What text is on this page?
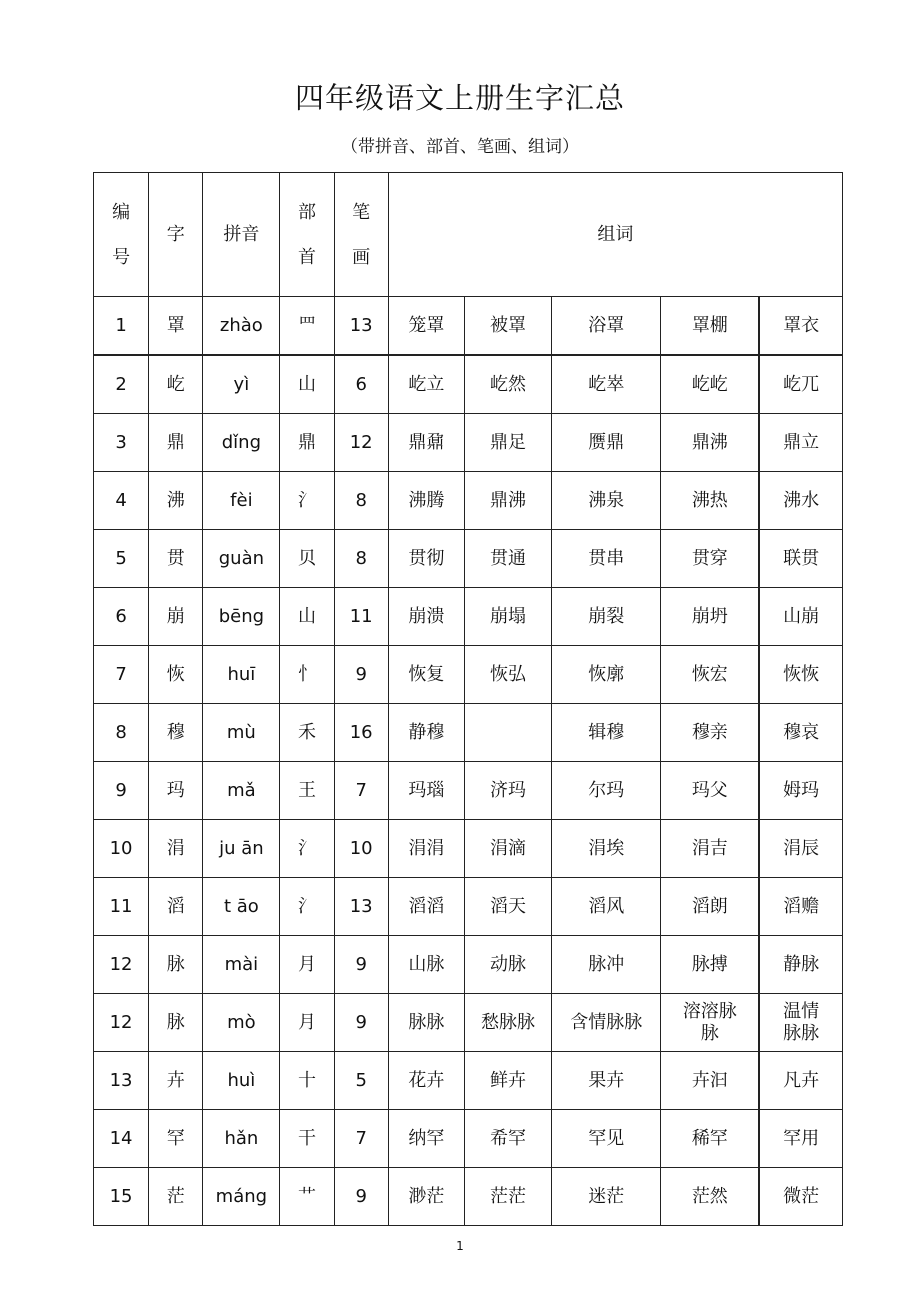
四年级语文上册生字汇总
（带拼音、部首、笔画、组词）
编号	字	拼音	部首	笔画	组词				
1	罩	zhào	罒	13	笼罩	被罩	浴罩	罩棚	罩衣
2	屹	yì	山	6	屹立	屹然	屹崒	屹屹	屹兀
3	鼎	dǐng	鼎	12	鼎鼐	鼎足	赝鼎	鼎沸	鼎立
4	沸	fèi	氵	8	沸腾	鼎沸	沸泉	沸热	沸水
5	贯	guàn	贝	8	贯彻	贯通	贯串	贯穿	联贯
6	崩	bēng	山	11	崩溃	崩塌	崩裂	崩坍	山崩
7	恢	huī	忄	9	恢复	恢弘	恢廓	恢宏	恢恢
8	穆	mù	禾	16	静穆		辑穆	穆亲	穆哀
9	玛	mǎ	王	7	玛瑙	济玛	尔玛	玛父	姆玛
10	涓	ju ān	氵	10	涓涓	涓滴	涓埃	涓吉	涓辰
11	滔	t āo	氵	13	滔滔	滔天	滔风	滔朗	滔赡
12	脉	mài	月	9	山脉	动脉	脉冲	脉搏	静脉
12	脉	mò	月	9	脉脉	愁脉脉	含情脉脉	溶溶脉脉	温情脉脉
13	卉	huì	十	5	花卉	鲜卉	果卉	卉汩	凡卉
14	罕	hǎn	干	7	纳罕	希罕	罕见	稀罕	罕用
15	茫	máng	艹	9	渺茫	茫茫	迷茫	茫然	微茫
1
